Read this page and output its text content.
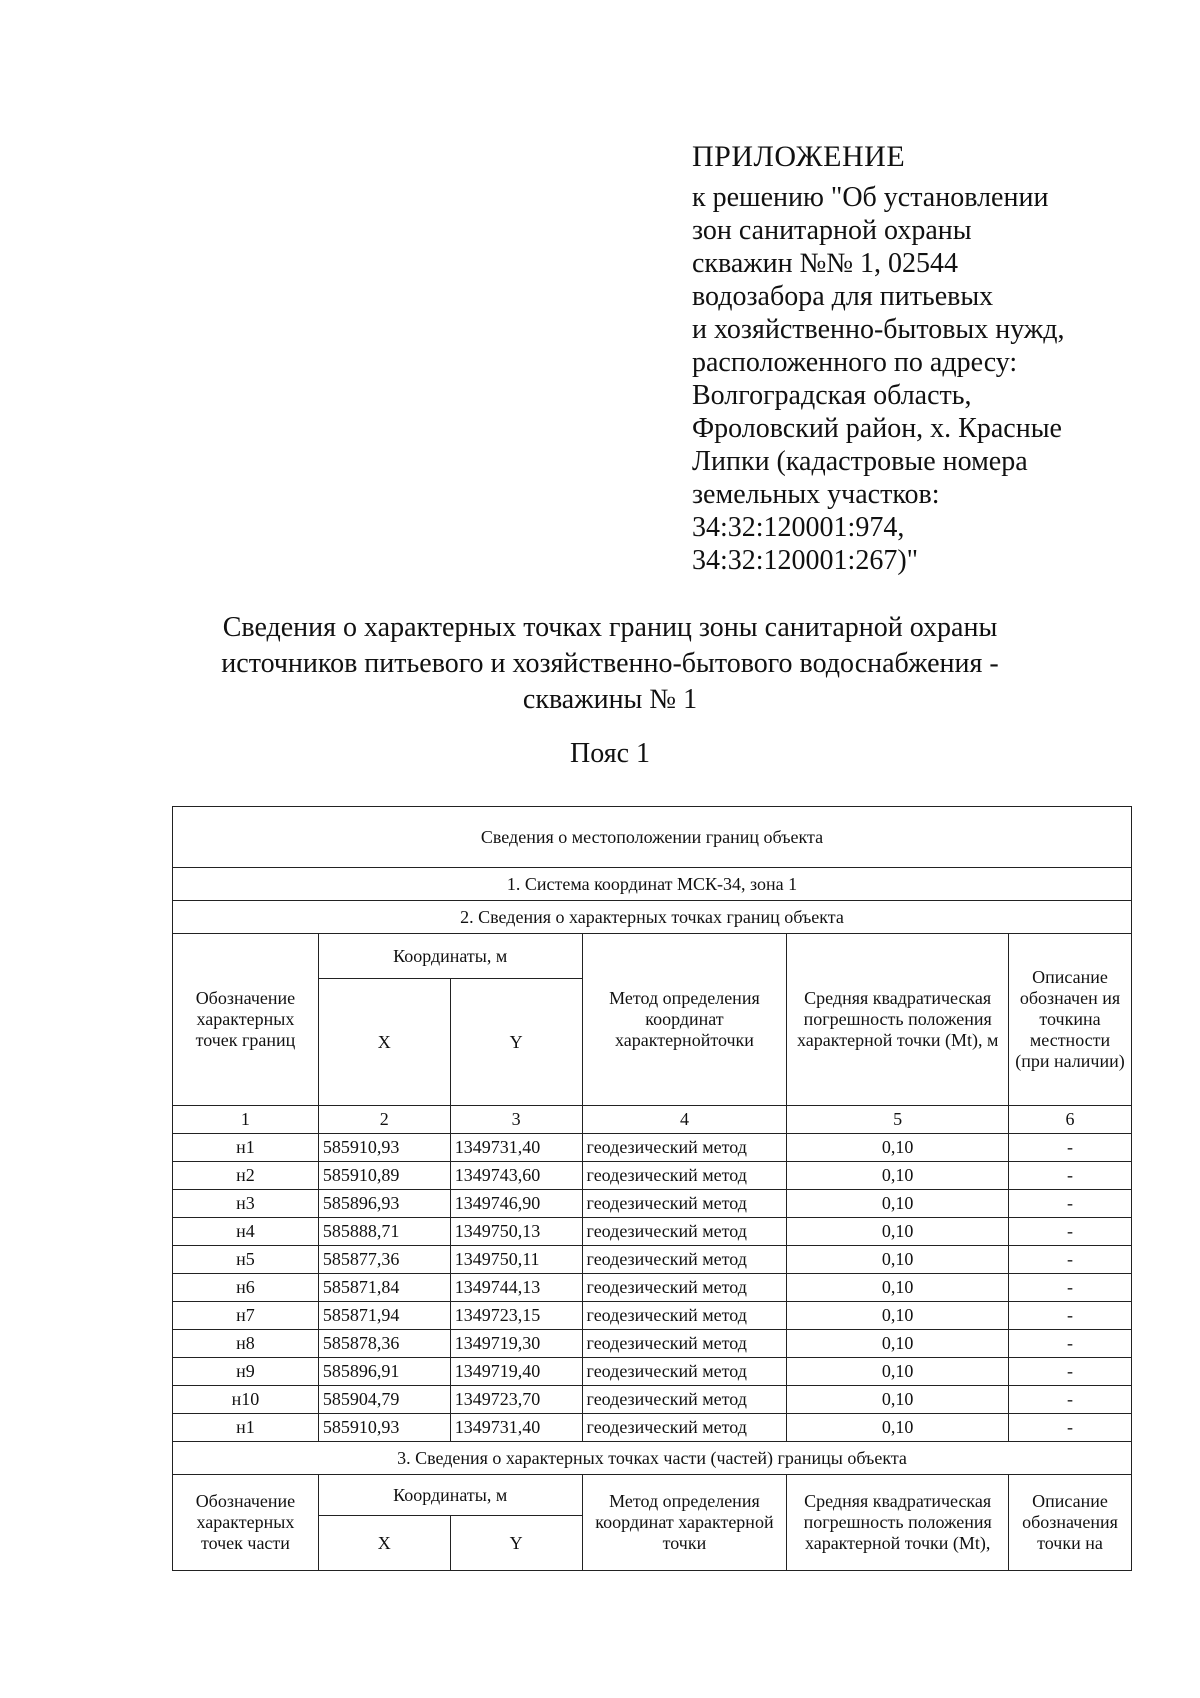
ПРИЛОЖЕНИЕ
к решению "Об установлении
зон санитарной охраны
скважин №№ 1, 02544
водозабора для питьевых
и хозяйственно-бытовых нужд,
расположенного по адресу:
Волгоградская область,
Фроловский район, х. Красные
Липки (кадастровые номера
земельных участков:
34:32:120001:974,
34:32:120001:267)"
Сведения о характерных точках границ зоны санитарной охраны
источников питьевого и хозяйственно-бытового водоснабжения -
скважины № 1
Пояс 1
Сведения о местоположении границ объекта					
1. Система координат МСК-34, зона 1					
2. Сведения о характерных точках границ объекта					
Обозначение характерных точек границ	Координаты, м		Метод определения координат характернойточки	Средняя квадратическая погрешность положения характерной точки (Mt), м	Описание обозначен ия точкина местности (при наличии)
	X	Y			
1	2	3	4	5	6
н1	585910,93	1349731,40	геодезический метод	0,10	-
н2	585910,89	1349743,60	геодезический метод	0,10	-
н3	585896,93	1349746,90	геодезический метод	0,10	-
н4	585888,71	1349750,13	геодезический метод	0,10	-
н5	585877,36	1349750,11	геодезический метод	0,10	-
н6	585871,84	1349744,13	геодезический метод	0,10	-
н7	585871,94	1349723,15	геодезический метод	0,10	-
н8	585878,36	1349719,30	геодезический метод	0,10	-
н9	585896,91	1349719,40	геодезический метод	0,10	-
н10	585904,79	1349723,70	геодезический метод	0,10	-
н1	585910,93	1349731,40	геодезический метод	0,10	-
3. Сведения о характерных точках части (частей) границы объекта					
Обозначение характерных точек части	Координаты, м		Метод определения координат характерной точки	Средняя квадратическая погрешность положения характерной точки (Mt),	Описание обозначения точки на
	X	Y			
